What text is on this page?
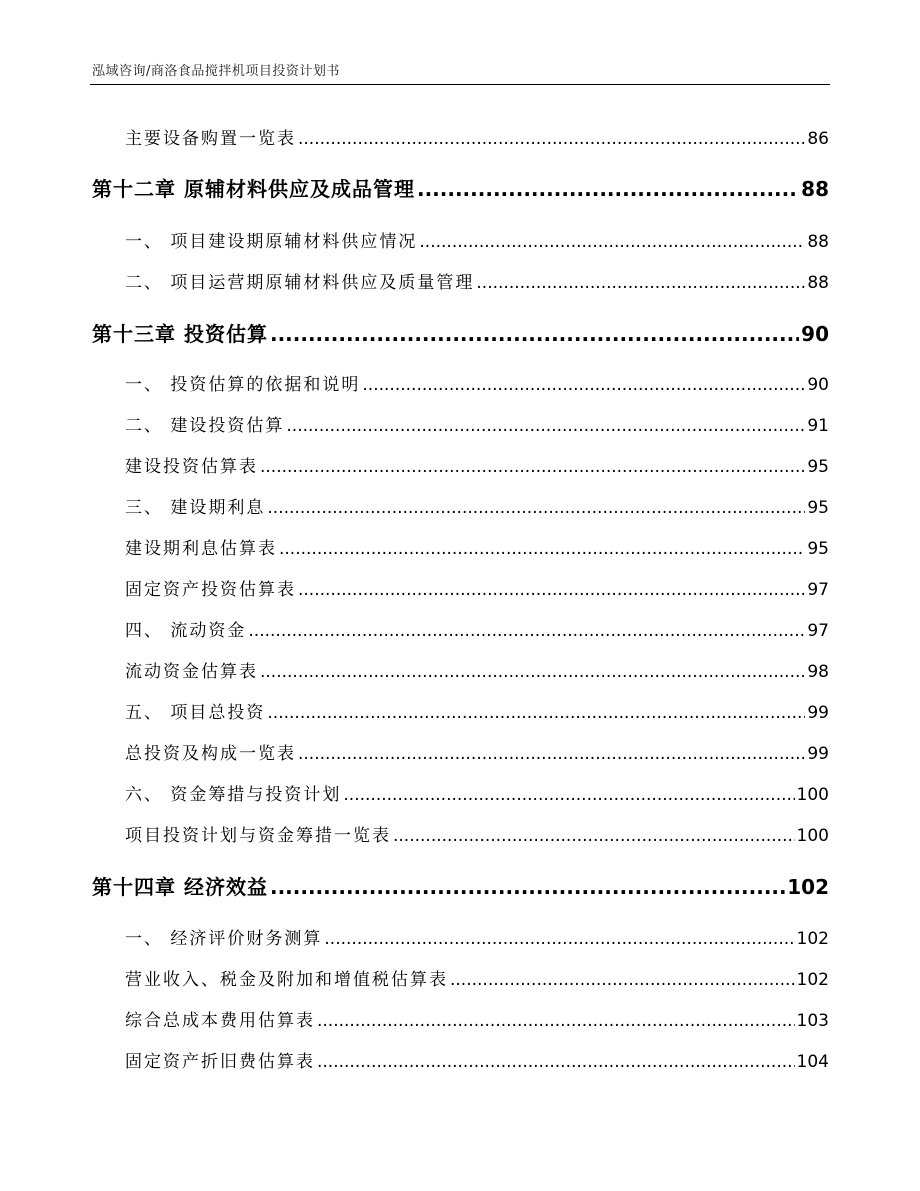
泓域咨询/商洛食品搅拌机项目投资计划书
主要设备购置一览表 .....	86
第十二章 原辅材料供应及成品管理 .....	88
一、 项目建设期原辅材料供应情况 .....	88
二、 项目运营期原辅材料供应及质量管理 .....	88
第十三章 投资估算 .....	90
一、 投资估算的依据和说明 .....	90
二、 建设投资估算 .....	91
建设投资估算表 .....	95
三、 建设期利息 .....	95
建设期利息估算表 .....	95
固定资产投资估算表 .....	97
四、 流动资金 .....	97
流动资金估算表 .....	98
五、 项目总投资 .....	99
总投资及构成一览表 .....	99
六、 资金筹措与投资计划 .....	100
项目投资计划与资金筹措一览表 .....	100
第十四章 经济效益 .....	102
一、 经济评价财务测算 .....	102
营业收入、税金及附加和增值税估算表 .....	102
综合总成本费用估算表 .....	103
固定资产折旧费估算表 .....	104
